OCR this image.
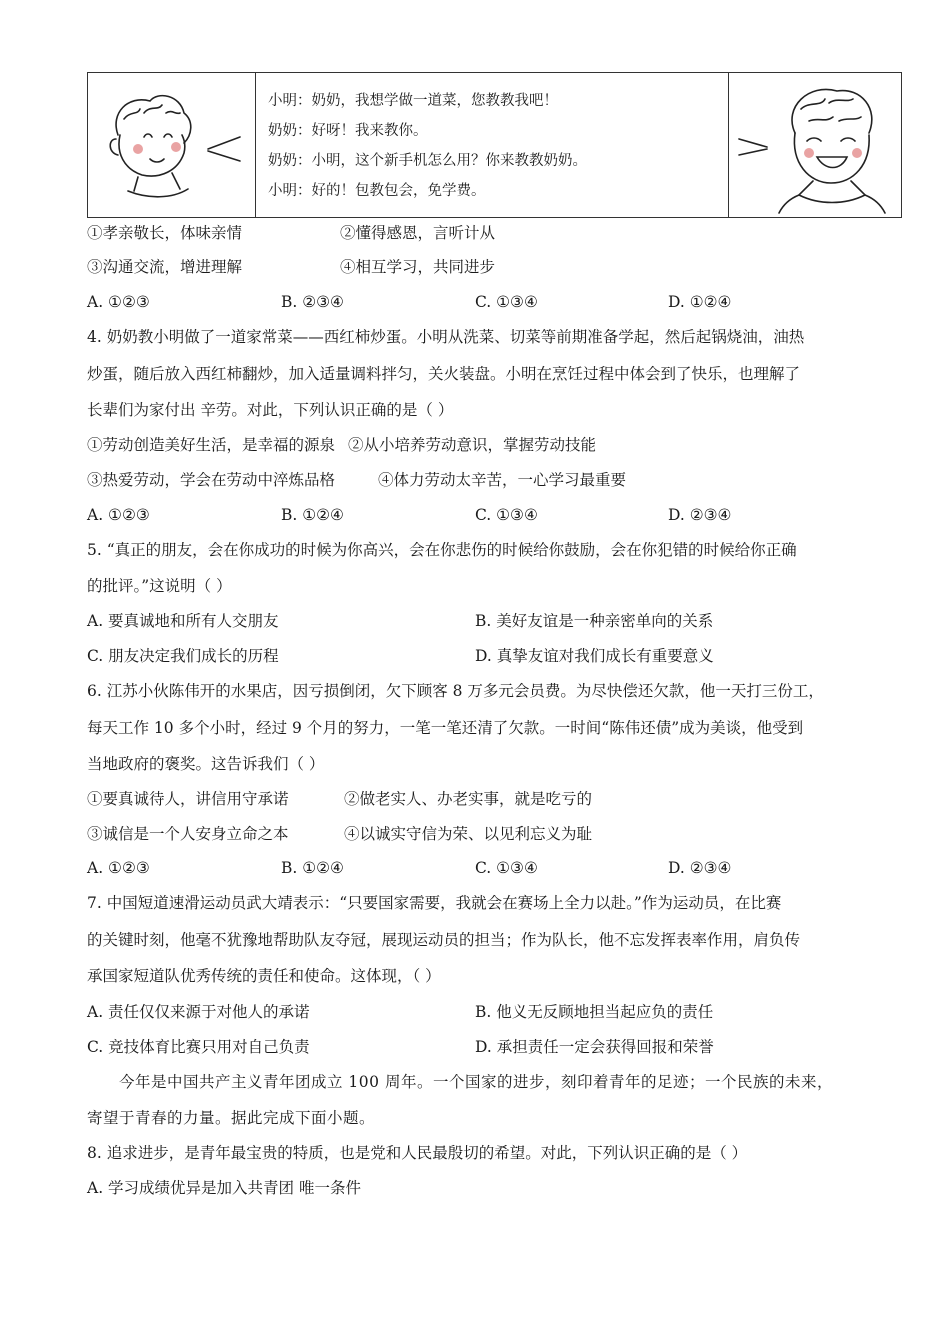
小明：奶奶，我想学做一道菜，您教教我吧！
奶奶：好呀！我来教你。
奶奶：小明，这个新手机怎么用？你来教教奶奶。
小明：好的！包教包会，免学费。
①孝亲敬长，体味亲情	②懂得感恩，言听计从
③沟通交流，增进理解	④相互学习，共同进步
A. ①②③	B. ②③④	C. ①③④	D. ①②④
4. 奶奶教小明做了一道家常菜——西红柿炒蛋。小明从洗菜、切菜等前期准备学起，然后起锅烧油，油热
炒蛋，随后放入西红柿翻炒，加入适量调料拌匀，关火装盘。小明在烹饪过程中体会到了快乐，也理解了
长辈们为家付出 辛劳。对此，下列认识正确的是（ ）
①劳动创造美好生活，是幸福的源泉 ②从小培养劳动意识，掌握劳动技能
③热爱劳动，学会在劳动中淬炼品格	④体力劳动太辛苦，一心学习最重要
A. ①②③	B. ①②④	C. ①③④	D. ②③④
5. “真正的朋友，会在你成功的时候为你高兴，会在你悲伤的时候给你鼓励，会在你犯错的时候给你正确
的批评。”这说明（ ）
A. 要真诚地和所有人交朋友	B. 美好友谊是一种亲密单向的关系
C. 朋友决定我们成长的历程	D. 真挚友谊对我们成长有重要意义
6. 江苏小伙陈伟开的水果店，因亏损倒闭，欠下顾客 8 万多元会员费。为尽快偿还欠款，他一天打三份工，
每天工作 10 多个小时，经过 9 个月的努力，一笔一笔还清了欠款。一时间“陈伟还债”成为美谈，他受到
当地政府的褒奖。这告诉我们（ ）
①要真诚待人，讲信用守承诺	②做老实人、办老实事，就是吃亏的
③诚信是一个人安身立命之本	④以诚实守信为荣、以见利忘义为耻
A. ①②③	B. ①②④	C. ①③④	D. ②③④
7. 中国短道速滑运动员武大靖表示：“只要国家需要，我就会在赛场上全力以赴。”作为运动员，在比赛
的关键时刻，他毫不犹豫地帮助队友夺冠，展现运动员的担当；作为队长，他不忘发挥表率作用，肩负传
承国家短道队优秀传统的责任和使命。这体现，（ ）
A. 责任仅仅来源于对他人的承诺	B. 他义无反顾地担当起应负的责任
C. 竞技体育比赛只用对自己负责	D. 承担责任一定会获得回报和荣誉
今年是中国共产主义青年团成立 100 周年。一个国家的进步，刻印着青年的足迹；一个民族的未来，
寄望于青春的力量。据此完成下面小题。
8. 追求进步，是青年最宝贵的特质，也是党和人民最殷切的希望。对此，下列认识正确的是（ ）
A. 学习成绩优异是加入共青团 唯一条件
